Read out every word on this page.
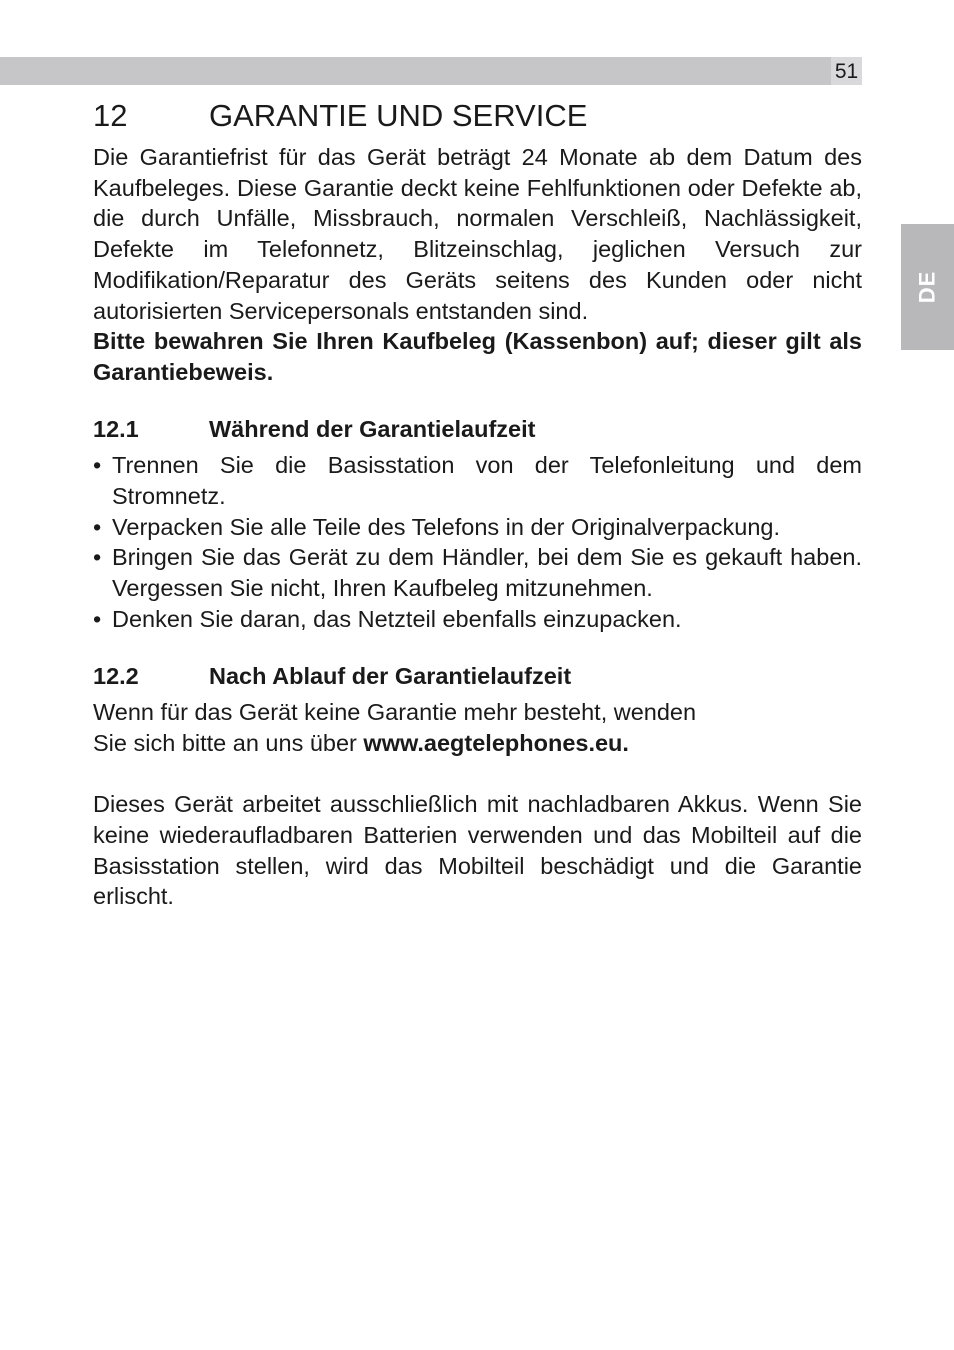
51
DE
12	GARANTIE UND SERVICE

Die Garantiefrist für das Gerät beträgt 24 Monate ab dem Datum des Kaufbeleges. Diese Garantie deckt keine Fehlfunktionen oder Defekte ab, die durch Unfälle, Missbrauch, normalen Verschleiß, Nachlässigkeit, Defekte im Telefonnetz, Blitzeinschlag, jeglichen Versuch zur Modifikation/Reparatur des Geräts seitens des Kunden oder nicht autorisierten Servicepersonals entstanden sind.

Bitte bewahren Sie Ihren Kaufbeleg (Kassenbon) auf; dieser gilt als Garantiebeweis.

12.1	Während der Garantielaufzeit
• Trennen Sie die Basisstation von der Telefonleitung und dem Stromnetz.
• Verpacken Sie alle Teile des Telefons in der Originalverpackung.
• Bringen Sie das Gerät zu dem Händler, bei dem Sie es gekauft haben. Vergessen Sie nicht, Ihren Kaufbeleg mitzunehmen.
• Denken Sie daran, das Netzteil ebenfalls einzupacken.
12.2	Nach Ablauf der Garantielaufzeit

Wenn für das Gerät keine Garantie mehr besteht, wenden

Sie sich bitte an uns über www.aegtelephones.eu.

Dieses Gerät arbeitet ausschließlich mit nachladbaren Akkus. Wenn Sie keine wiederaufladbaren Batterien verwenden und das Mobilteil auf die Basisstation stellen, wird das Mobilteil beschädigt und die Garantie erlischt.
